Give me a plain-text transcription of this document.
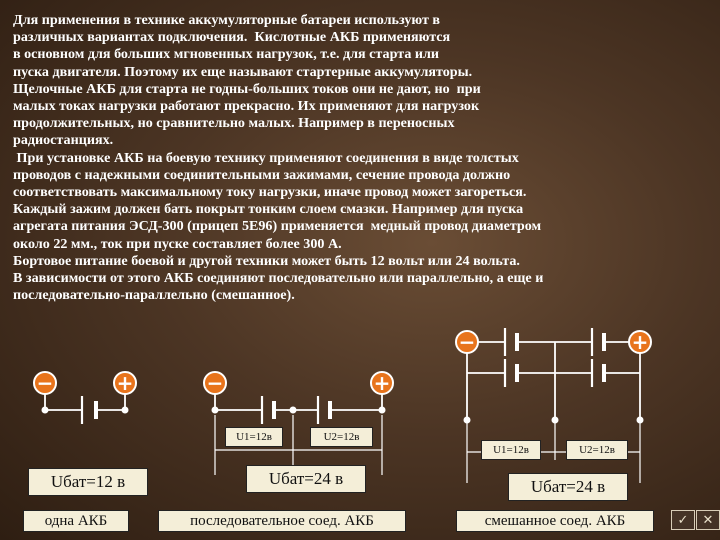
Для применения в технике аккумуляторные батареи используют в
различных вариантах подключения.  Кислотные АКБ применяются
в основном для больших мгновенных нагрузок, т.е. для старта или
пуска двигателя. Поэтому их еще называют стартерные аккумуляторы.
Щелочные АКБ для старта не годны-больших токов они не дают, но  при
малых токах нагрузки работают прекрасно. Их применяют для нагрузок
продолжительных, но сравнительно малых. Например в переносных
радиостанциях.
При установке АКБ на боевую технику применяют соединения в виде толстых
проводов с надежными соединительными зажимами, сечение провода должно
соответствовать максимальному току нагрузки, иначе провод может загореться.
Каждый зажим должен бать покрыт тонким слоем смазки. Например для пуска
агрегата питания ЭСД-300 (прицеп 5Е96) применяется  медный провод диаметром
около 22 мм., ток при пуске составляет более 300 А.
Бортовое питание боевой и другой техники может быть 12 вольт или 24 вольта.
В зависимости от этого АКБ соединяют последовательно или параллельно, а еще и
последовательно-параллельно (смешанное).
−	+	−	+
−	+
Uбат=12 в
одна АКБ
U1=12в	U2=12в
Uбат=24 в
последовательное соед. АКБ
U1=12в	U2=12в
Uбат=24 в
смешанное соед. АКБ	✓	✕
